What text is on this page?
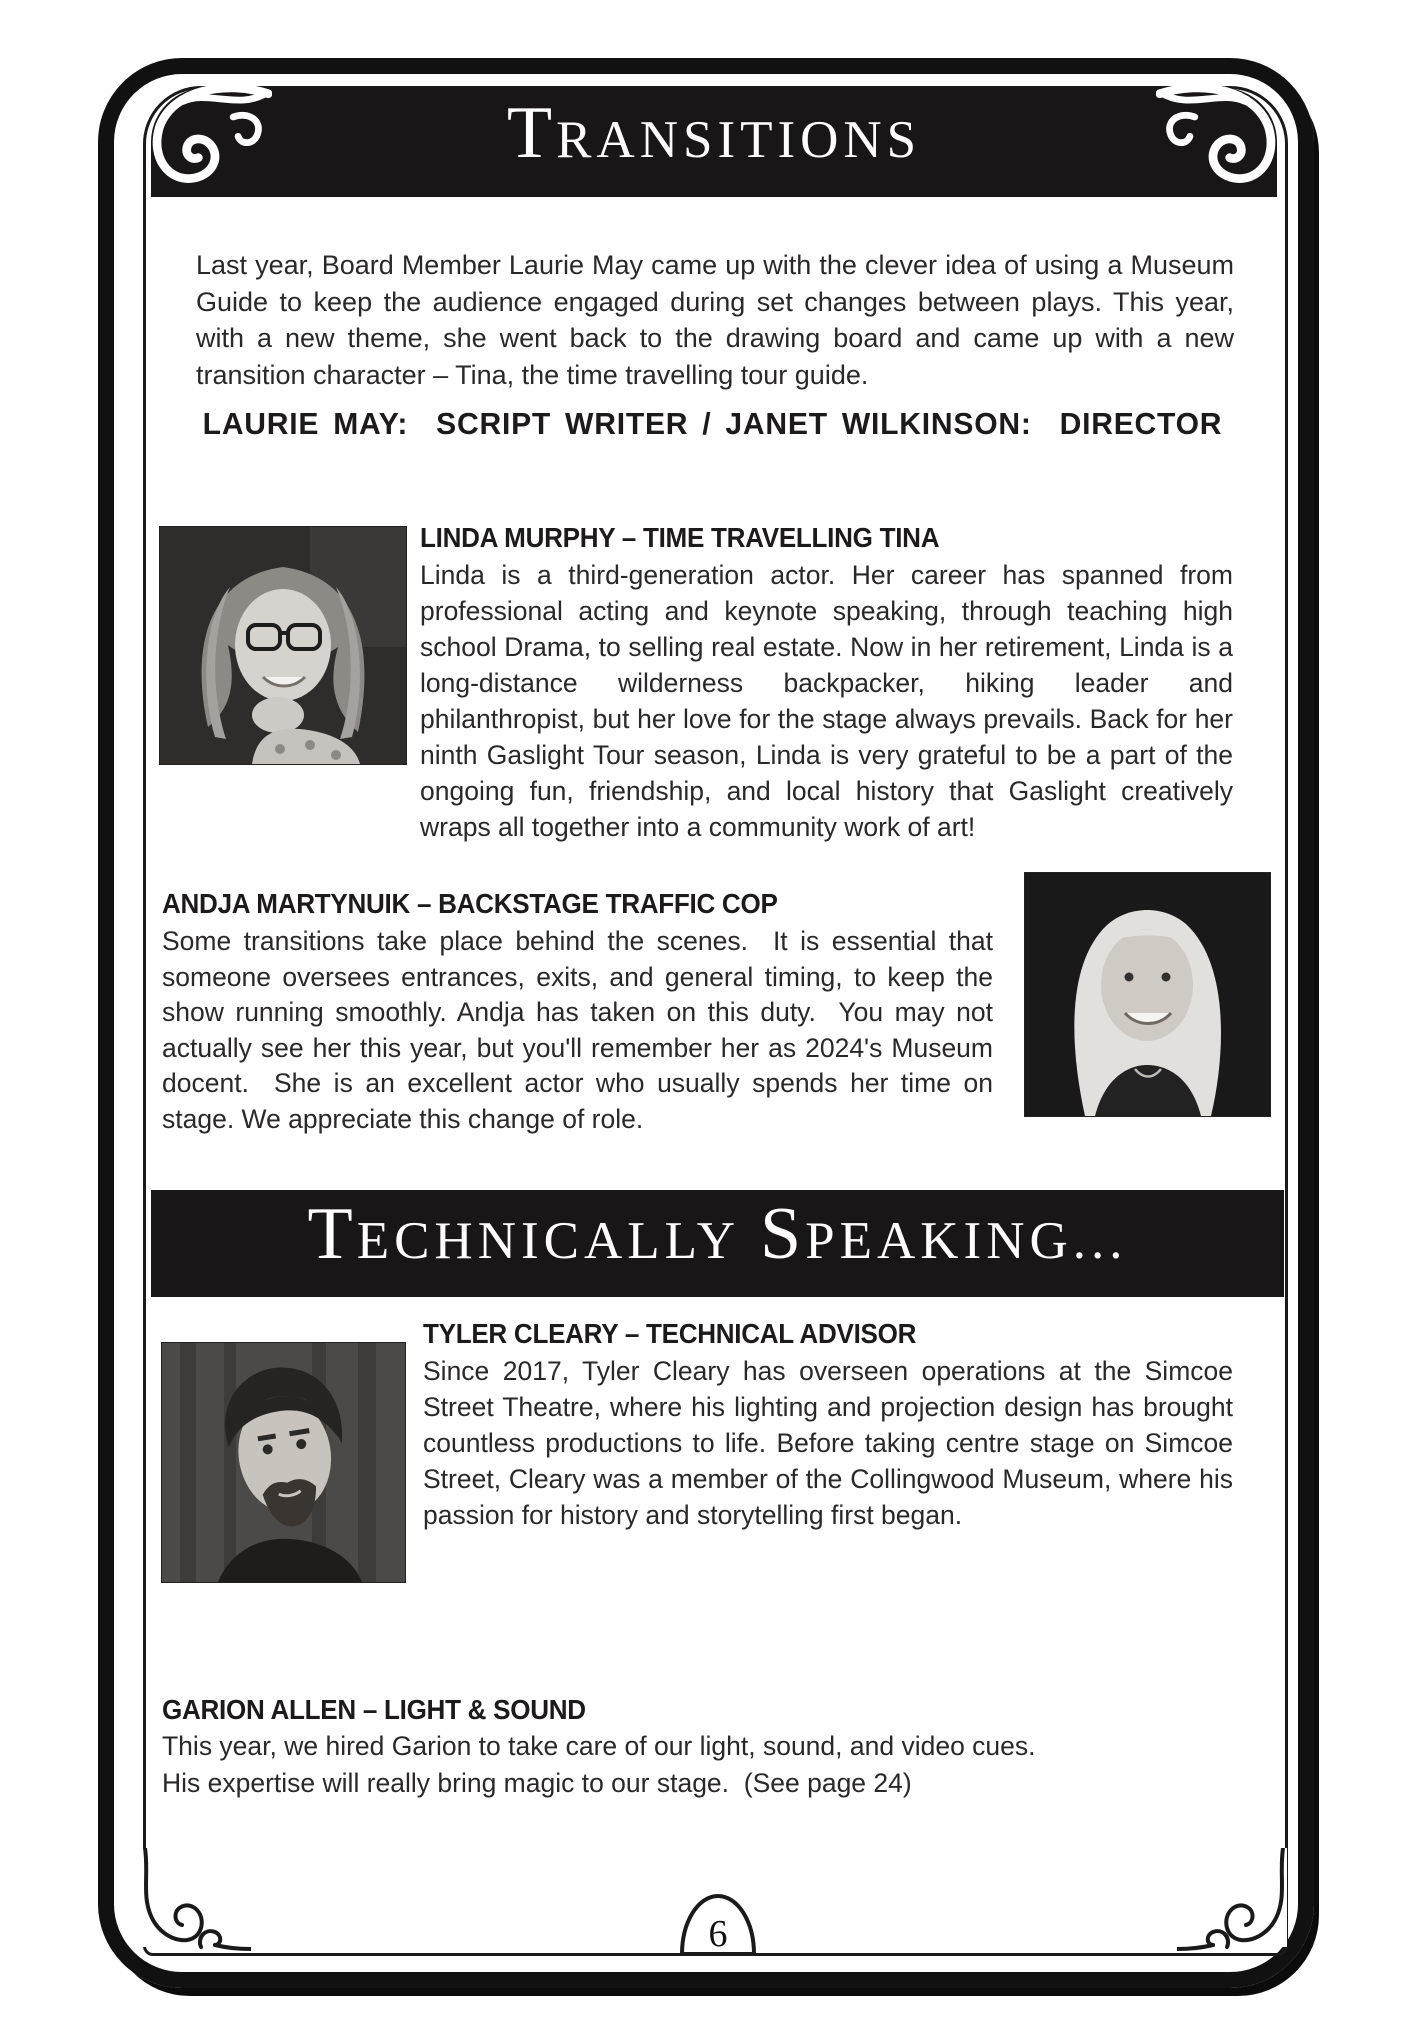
TRANSITIONS
Last year, Board Member Laurie May came up with the clever idea of using a Museum Guide to keep the audience engaged during set changes between plays. This year, with a new theme, she went back to the drawing board and came up with a new transition character – Tina, the time travelling tour guide.
LAURIE MAY:  SCRIPT WRITER / JANET WILKINSON:  DIRECTOR
LINDA MURPHY – TIME TRAVELLING TINA
Linda is a third-generation actor. Her career has spanned from professional acting and keynote speaking, through teaching high school Drama, to selling real estate. Now in her retirement, Linda is a long-distance wilderness backpacker, hiking leader and philanthropist, but her love for the stage always prevails. Back for her ninth Gaslight Tour season, Linda is very grateful to be a part of the ongoing fun, friendship, and local history that Gaslight creatively wraps all together into a community work of art!
ANDJA MARTYNUIK – BACKSTAGE TRAFFIC COP
Some transitions take place behind the scenes.  It is essential that someone oversees entrances, exits, and general timing, to keep the show running smoothly. Andja has taken on this duty.  You may not actually see her this year, but you'll remember her as 2024's Museum docent.  She is an excellent actor who usually spends her time on stage. We appreciate this change of role.
TECHNICALLY SPEAKING...
TYLER CLEARY – TECHNICAL ADVISOR
Since 2017, Tyler Cleary has overseen operations at the Simcoe Street Theatre, where his lighting and projection design has brought countless productions to life. Before taking centre stage on Simcoe Street, Cleary was a member of the Collingwood Museum, where his passion for history and storytelling first began.
GARION ALLEN – LIGHT & SOUND
This year, we hired Garion to take care of our light, sound, and video cues.
His expertise will really bring magic to our stage.  (See page 24)
6
